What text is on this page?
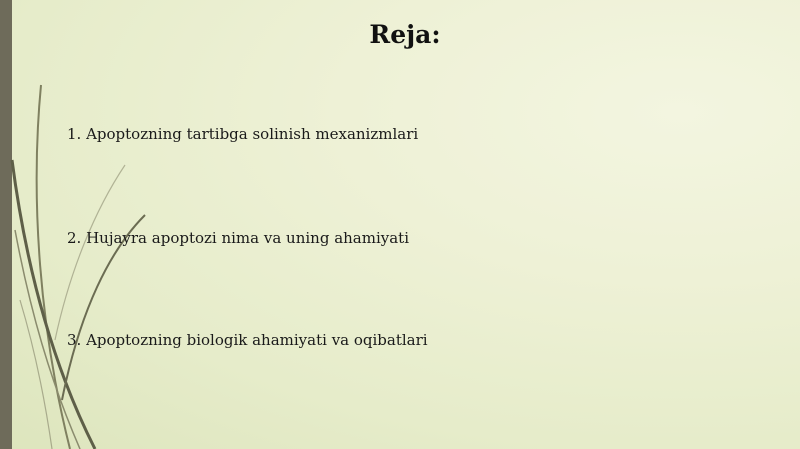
Reja:
1. Apoptozning tartibga solinish mexanizmlari
2. Hujayra apoptozi nima va uning ahamiyati
3. Apoptozning biologik ahamiyati va oqibatlari
